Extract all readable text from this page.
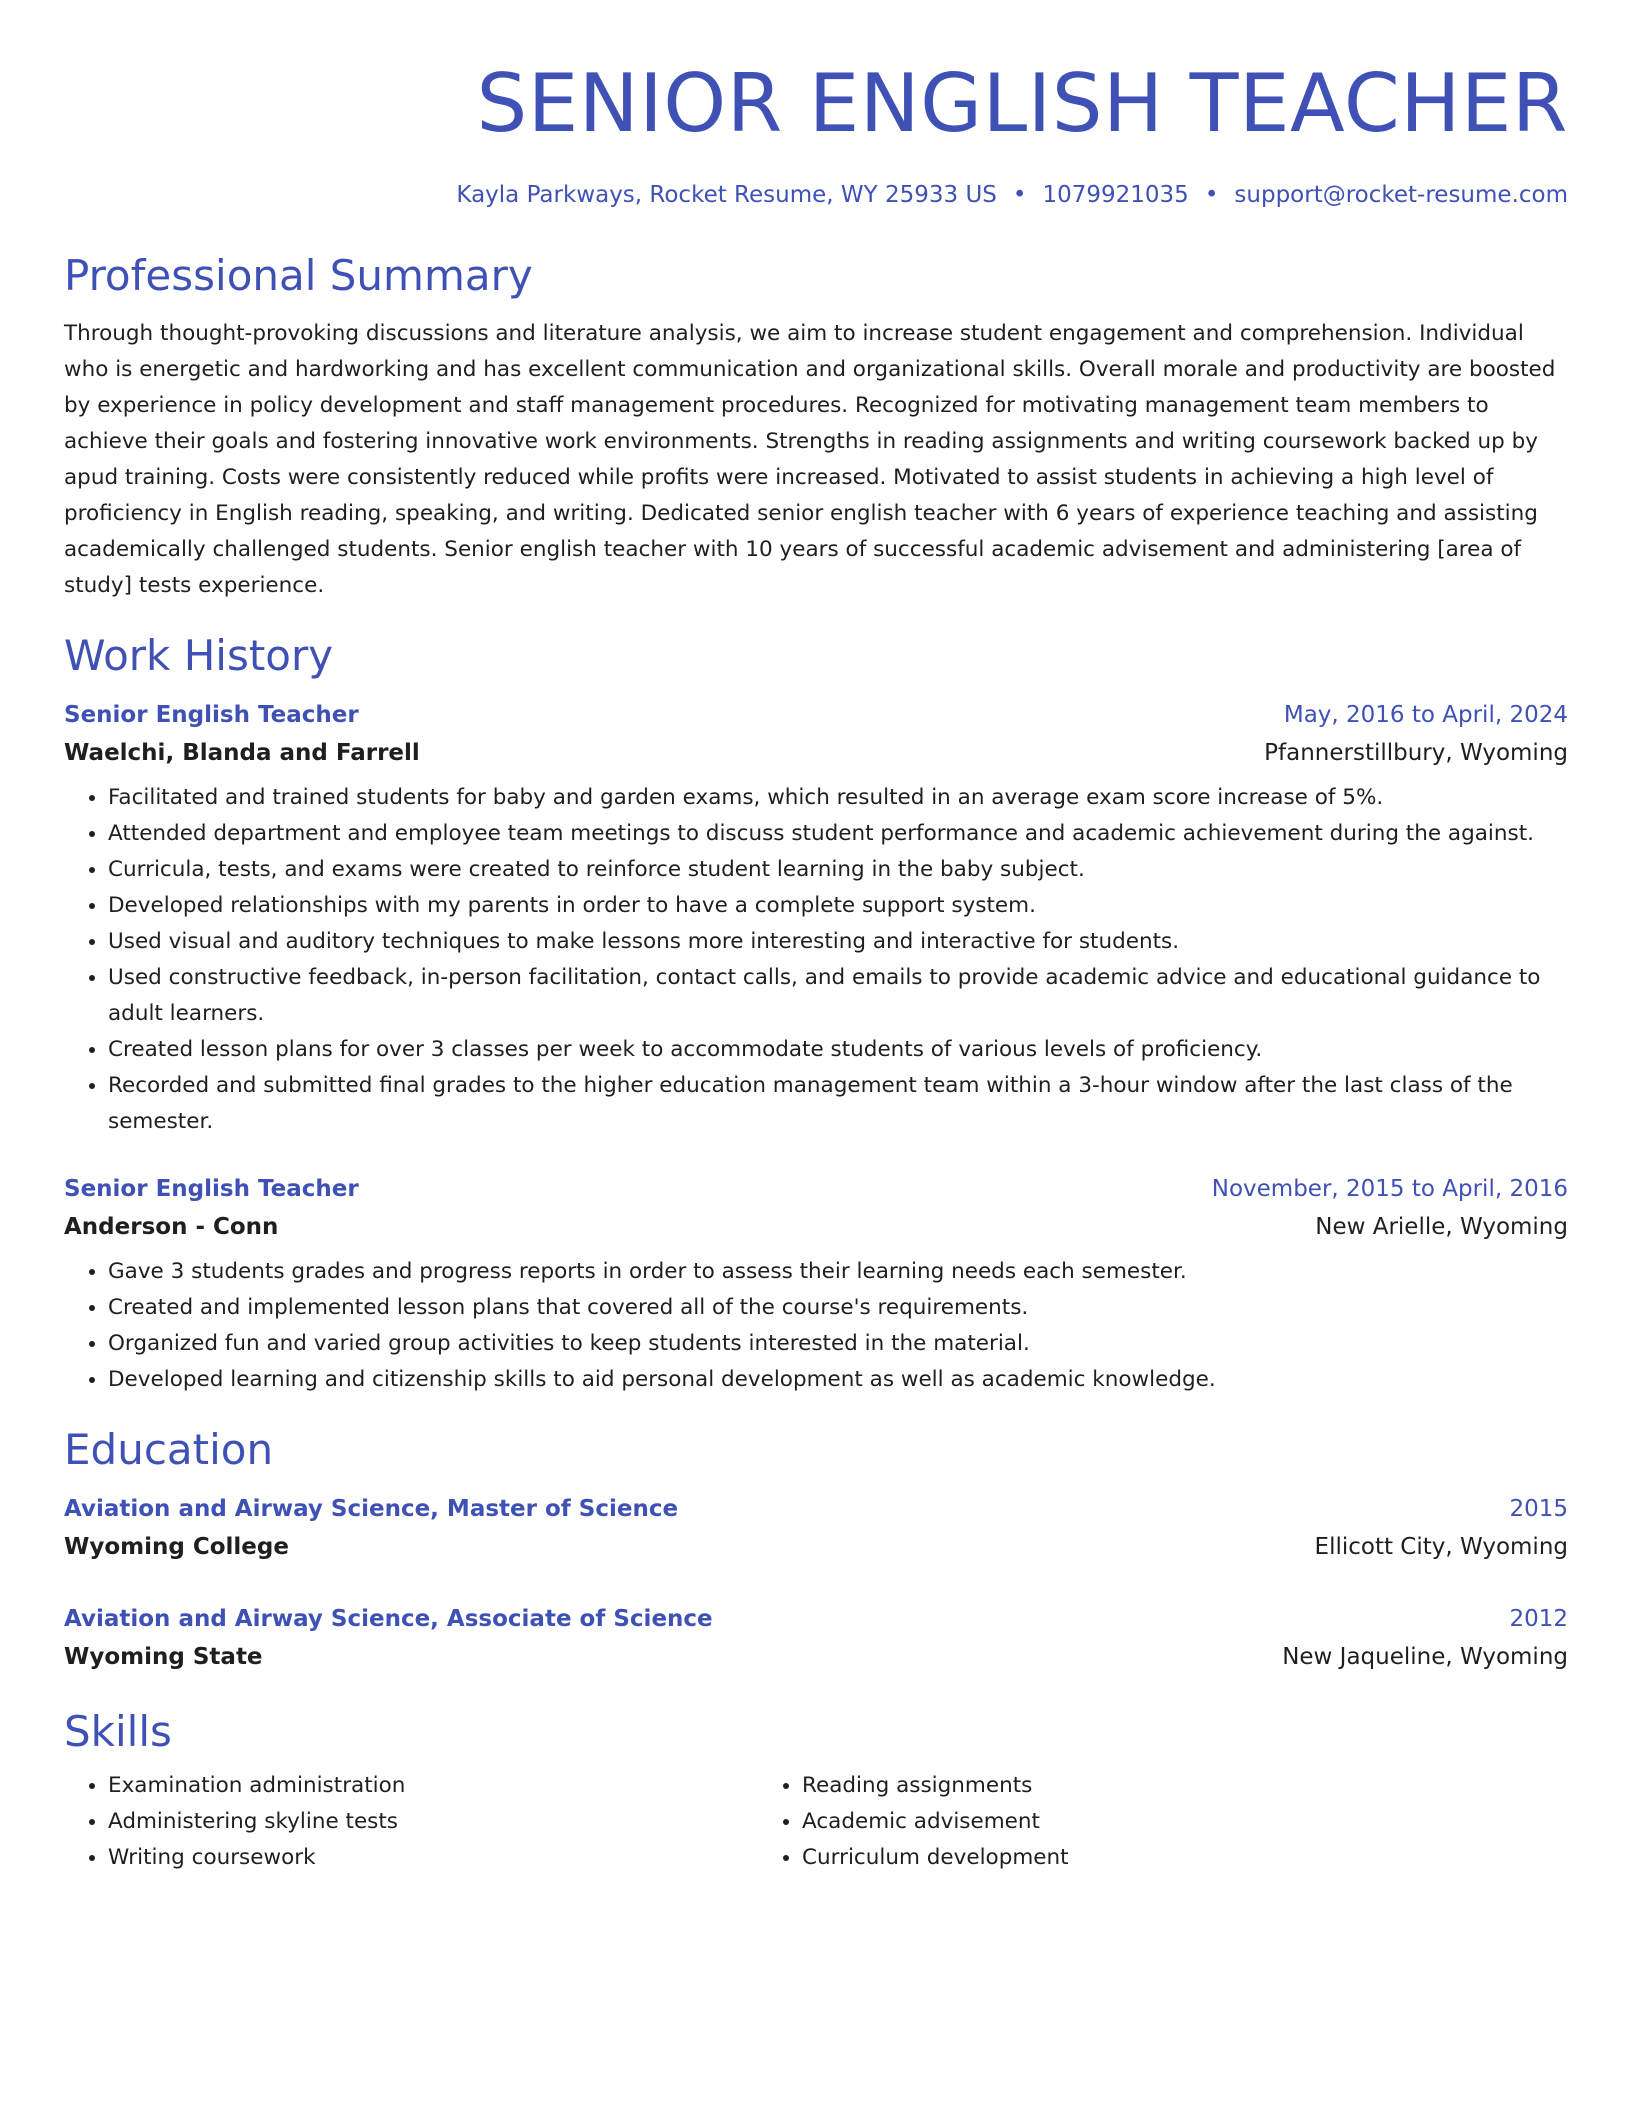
SENIOR ENGLISH TEACHER
Kayla Parkways, Rocket Resume, WY 25933 US • 1079921035 • support@rocket-resume.com
Professional Summary

Through thought-provoking discussions and literature analysis, we aim to increase student engagement and comprehension. Individual who is energetic and hardworking and has excellent communication and organizational skills. Overall morale and productivity are boosted by experience in policy development and staff management procedures. Recognized for motivating management team members to achieve their goals and fostering innovative work environments. Strengths in reading assignments and writing coursework backed up by apud training. Costs were consistently reduced while profits were increased. Motivated to assist students in achieving a high level of proficiency in English reading, speaking, and writing. Dedicated senior english teacher with 6 years of experience teaching and assisting academically challenged students. Senior english teacher with 10 years of successful academic advisement and administering [area of study] tests experience.

Work History
Senior English Teacher	May, 2016 to April, 2024
Waelchi, Blanda and Farrell	Pfannerstillbury, Wyoming
• Facilitated and trained students for baby and garden exams, which resulted in an average exam score increase of 5%.
• Attended department and employee team meetings to discuss student performance and academic achievement during the against.
• Curricula, tests, and exams were created to reinforce student learning in the baby subject.
• Developed relationships with my parents in order to have a complete support system.
• Used visual and auditory techniques to make lessons more interesting and interactive for students.
• Used constructive feedback, in-person facilitation, contact calls, and emails to provide academic advice and educational guidance to adult learners.
• Created lesson plans for over 3 classes per week to accommodate students of various levels of proficiency.
• Recorded and submitted final grades to the higher education management team within a 3-hour window after the last class of the semester.
Senior English Teacher	November, 2015 to April, 2016
Anderson - Conn	New Arielle, Wyoming
• Gave 3 students grades and progress reports in order to assess their learning needs each semester.
• Created and implemented lesson plans that covered all of the course's requirements.
• Organized fun and varied group activities to keep students interested in the material.
• Developed learning and citizenship skills to aid personal development as well as academic knowledge.
Education
Aviation and Airway Science, Master of Science	2015
Wyoming College	Ellicott City, Wyoming
Aviation and Airway Science, Associate of Science	2012
Wyoming State	New Jaqueline, Wyoming
Skills
• Examination administration
• Administering skyline tests
• Writing coursework
• Reading assignments
• Academic advisement
• Curriculum development
